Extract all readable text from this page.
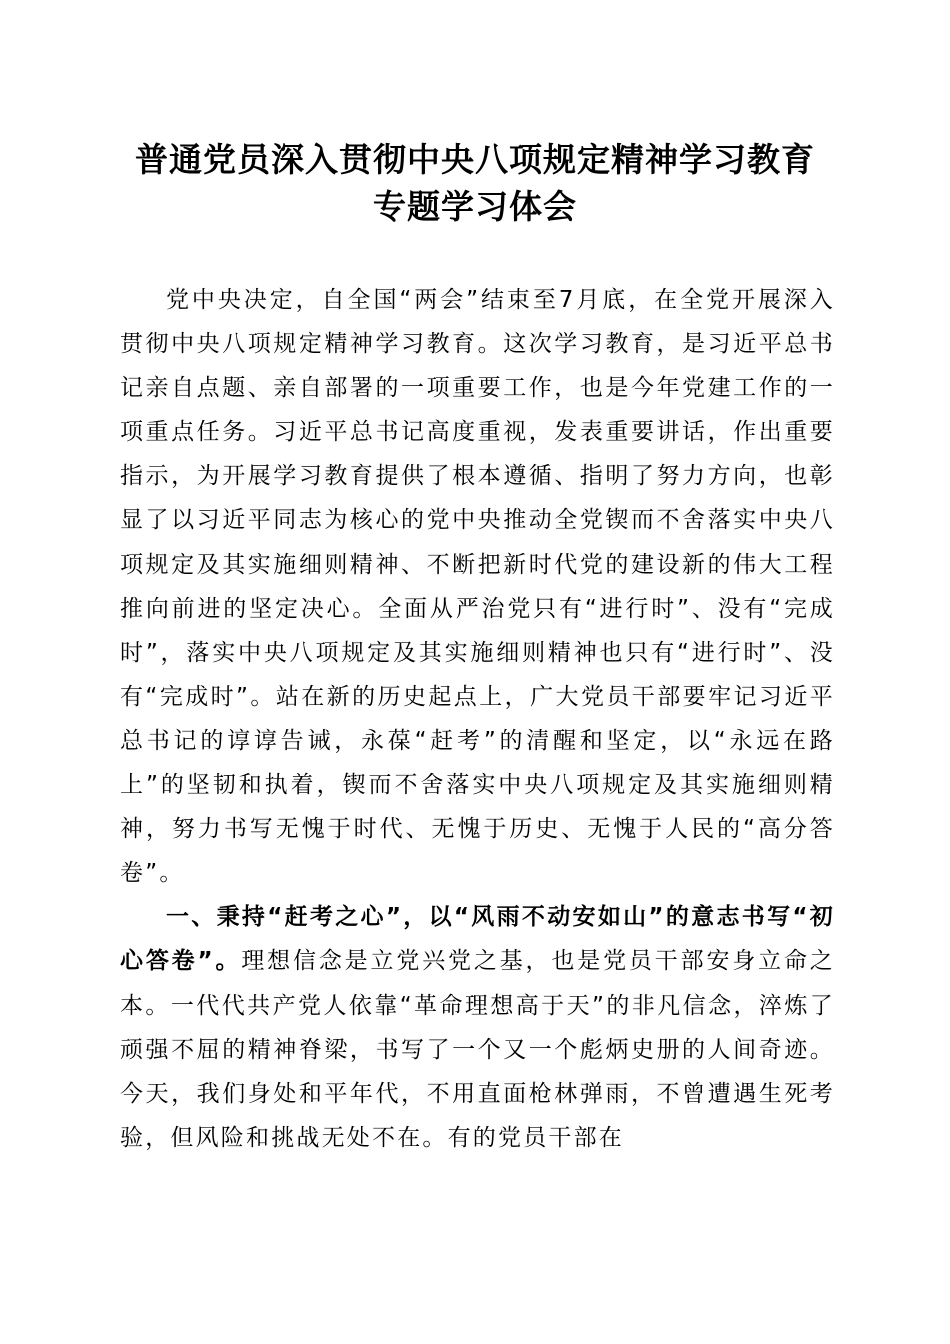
普通党员深入贯彻中央八项规定精神学习教育
专题学习体会

党中央决定，自全国“两会”结束至7月底，在全党开展深入贯彻中央八项规定精神学习教育。这次学习教育，是习近平总书记亲自点题、亲自部署的一项重要工作，也是今年党建工作的一项重点任务。习近平总书记高度重视，发表重要讲话，作出重要指示，为开展学习教育提供了根本遵循、指明了努力方向，也彰显了以习近平同志为核心的党中央推动全党锲而不舍落实中央八项规定及其实施细则精神、不断把新时代党的建设新的伟大工程推向前进的坚定决心。全面从严治党只有“进行时”、没有“完成时”，落实中央八项规定及其实施细则精神也只有“进行时”、没有“完成时”。站在新的历史起点上，广大党员干部要牢记习近平总书记的谆谆告诫，永葆“赶考”的清醒和坚定，以“永远在路上”的坚韧和执着，锲而不舍落实中央八项规定及其实施细则精神，努力书写无愧于时代、无愧于历史、无愧于人民的“高分答卷”。

一、秉持“赶考之心”，以“风雨不动安如山”的意志书写“初心答卷”。理想信念是立党兴党之基，也是党员干部安身立命之本。一代代共产党人依靠“革命理想高于天”的非凡信念，淬炼了顽强不屈的精神脊梁，书写了一个又一个彪炳史册的人间奇迹。今天，我们身处和平年代，不用直面枪林弹雨，不曾遭遇生死考验，但风险和挑战无处不在。有的党员干部在
